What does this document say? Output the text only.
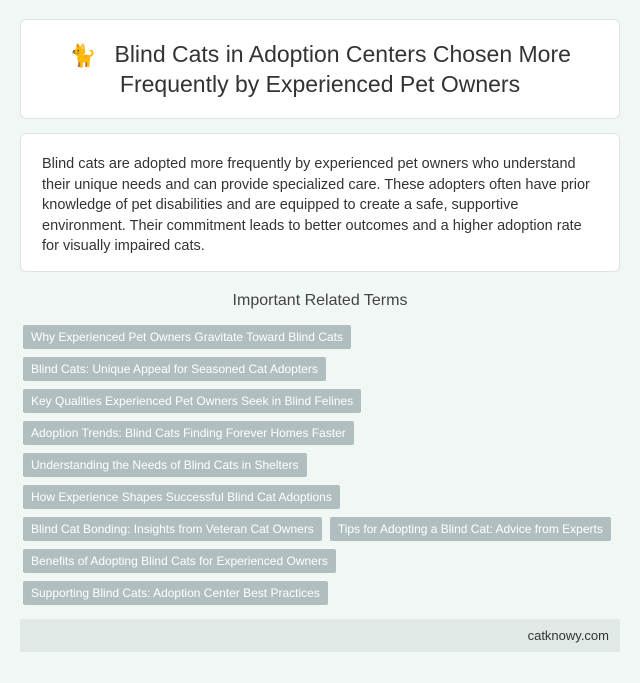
🐈 Blind Cats in Adoption Centers Chosen More Frequently by Experienced Pet Owners

Blind cats are adopted more frequently by experienced pet owners who understand their unique needs and can provide specialized care. These adopters often have prior knowledge of pet disabilities and are equipped to create a safe, supportive environment. Their commitment leads to better outcomes and a higher adoption rate for visually impaired cats.

Important Related Terms
Why Experienced Pet Owners Gravitate Toward Blind Cats
Blind Cats: Unique Appeal for Seasoned Cat Adopters
Key Qualities Experienced Pet Owners Seek in Blind Felines
Adoption Trends: Blind Cats Finding Forever Homes Faster
Understanding the Needs of Blind Cats in Shelters
How Experience Shapes Successful Blind Cat Adoptions
Blind Cat Bonding: Insights from Veteran Cat Owners	Tips for Adopting a Blind Cat: Advice from Experts
Benefits of Adopting Blind Cats for Experienced Owners
Supporting Blind Cats: Adoption Center Best Practices
catknowy.com
